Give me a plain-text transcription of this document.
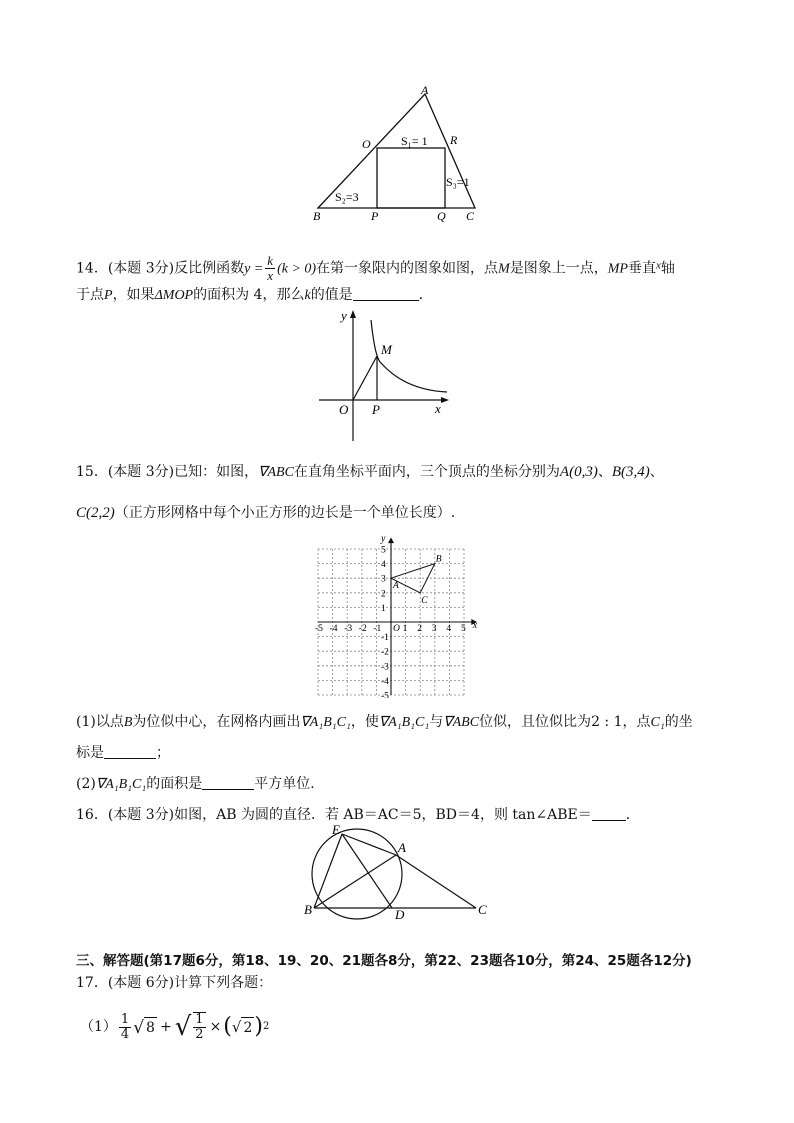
A
O	R
B	P	Q C
S₁= 1
S₂=3
S₃=1
14．(本题 3分)反比例函数$y = \frac{k}{x} (k > 0)$在第一象限内的图象如图，点M是图象上一点，MP垂直$^x$轴
于点P，如果ΔMOP的面积为 4，那么k的值是	．
y
x
O P
M
15．(本题 3分)已知：如图，∇ABC在直角坐标平面内，三个顶点的坐标分别为A(0,3)、B(3,4)、
C(2,2)（正方形网格中每个小正方形的边长是一个单位长度）.
-5 -4 -3 -2 -1 O 1 2 3 4 5
5
4
3
2
1
-1
-2
-3
-4
-5
x
y
A
B
C
(1)以点B为位似中心，在网格内画出∇A₁B₁C₁，使∇A₁B₁C₁与∇ABC位似，且位似比为2 : 1，点C₁的坐
标是	；
(2)∇A₁B₁C₁的面积是	平方单位．
16．(本题 3分)如图，AB 为圆的直径．若 AB＝AC＝5，BD＝4，则 tan∠ABE＝ ．
E
A
B	D	C
三、解答题(第17题6分，第18、19、20、21题各8分，第22、23题各10分，第24、25题各12分)
17．(本题 6分)计算下列各题：
$(1) \frac{1}{4}$ √ 8 + √ $\frac{1}{2}$ × ( √ 2 ) 2
